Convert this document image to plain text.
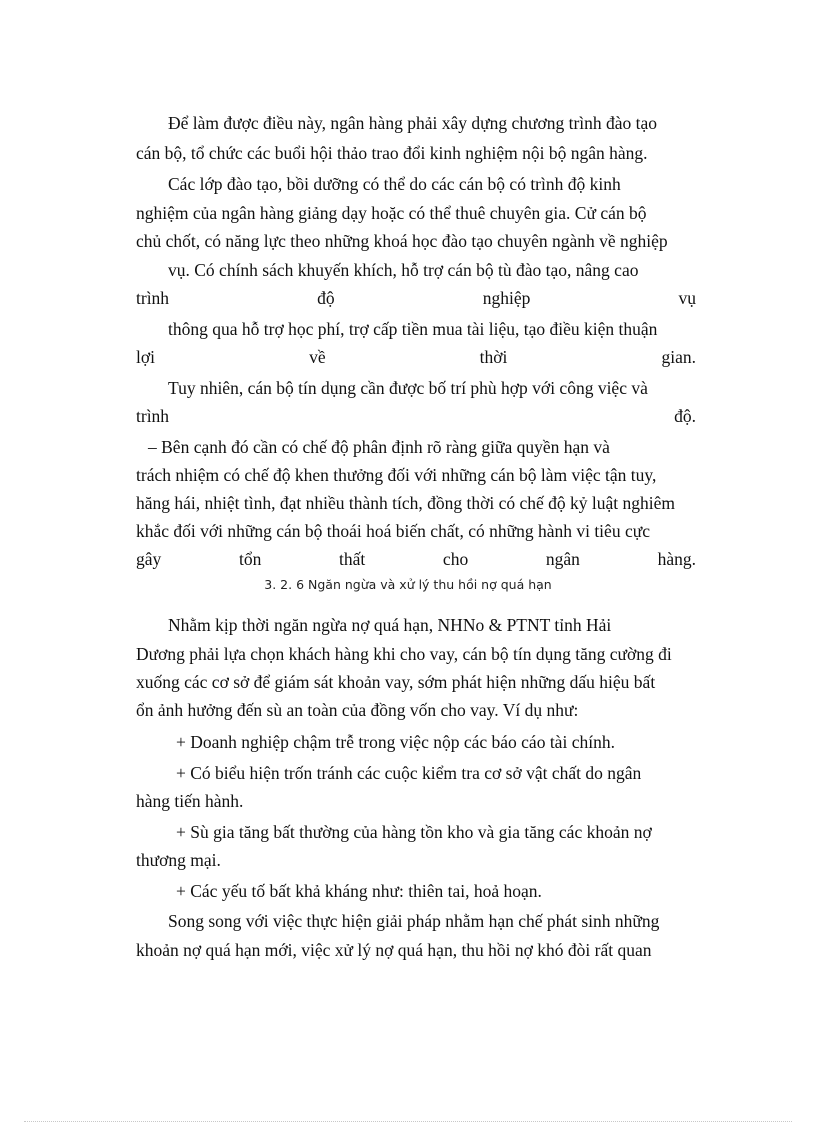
Để làm được điều này, ngân hàng phải xây dựng chương trình đào tạo
cán bộ, tổ chức các buổi hội thảo trao đổi kinh nghiệm nội bộ ngân hàng.
Các lớp đào tạo, bồi dưỡng có thể do các cán bộ có trình độ kinh
nghiệm của ngân hàng giảng dạy hoặc có thể thuê chuyên gia. Cử cán bộ
chủ chốt, có năng lực theo những khoá học đào tạo chuyên ngành về nghiệp
vụ. Có chính sách khuyến khích, hỗ trợ cán bộ tù đào tạo, nâng cao
trình	độ	nghiệp	vụ
thông qua hỗ trợ học phí, trợ cấp tiền mua tài liệu, tạo điều kiện thuận
lợi	về	thời	gian.
Tuy nhiên, cán bộ tín dụng cần được bố trí phù hợp với công việc và
trình	độ.
– Bên cạnh đó cần có chế độ phân định rõ ràng giữa quyền hạn và
trách nhiệm có chế độ khen thưởng đối với những cán bộ làm việc tận tuy,
hăng hái, nhiệt tình, đạt nhiều thành tích, đồng thời có chế độ kỷ luật nghiêm
khắc đối với những cán bộ thoái hoá biến chất, có những hành vi tiêu cực
gây	tổn	thất	cho	ngân	hàng.
3. 2. 6 Ngăn ngừa và xử lý thu hồi nợ quá hạn
Nhằm kịp thời ngăn ngừa nợ quá hạn, NHNo & PTNT tỉnh Hải
Dương phải lựa chọn khách hàng khi cho vay, cán bộ tín dụng tăng cường đi
xuống các cơ sở để giám sát khoản vay, sớm phát hiện những dấu hiệu bất
ổn ảnh hưởng đến sù an toàn của đồng vốn cho vay. Ví dụ như:
+ Doanh nghiệp chậm trễ trong việc nộp các báo cáo tài chính.
+ Có biểu hiện trốn tránh các cuộc kiểm tra cơ sở vật chất do ngân
hàng tiến hành.
+ Sù gia tăng bất thường của hàng tồn kho và gia tăng các khoản nợ
thương mại.
+ Các yếu tố bất khả kháng như: thiên tai, hoả hoạn.
Song song với việc thực hiện giải pháp nhằm hạn chế phát sinh những
khoản nợ quá hạn mới, việc xử lý nợ quá hạn, thu hồi nợ khó đòi rất quan
